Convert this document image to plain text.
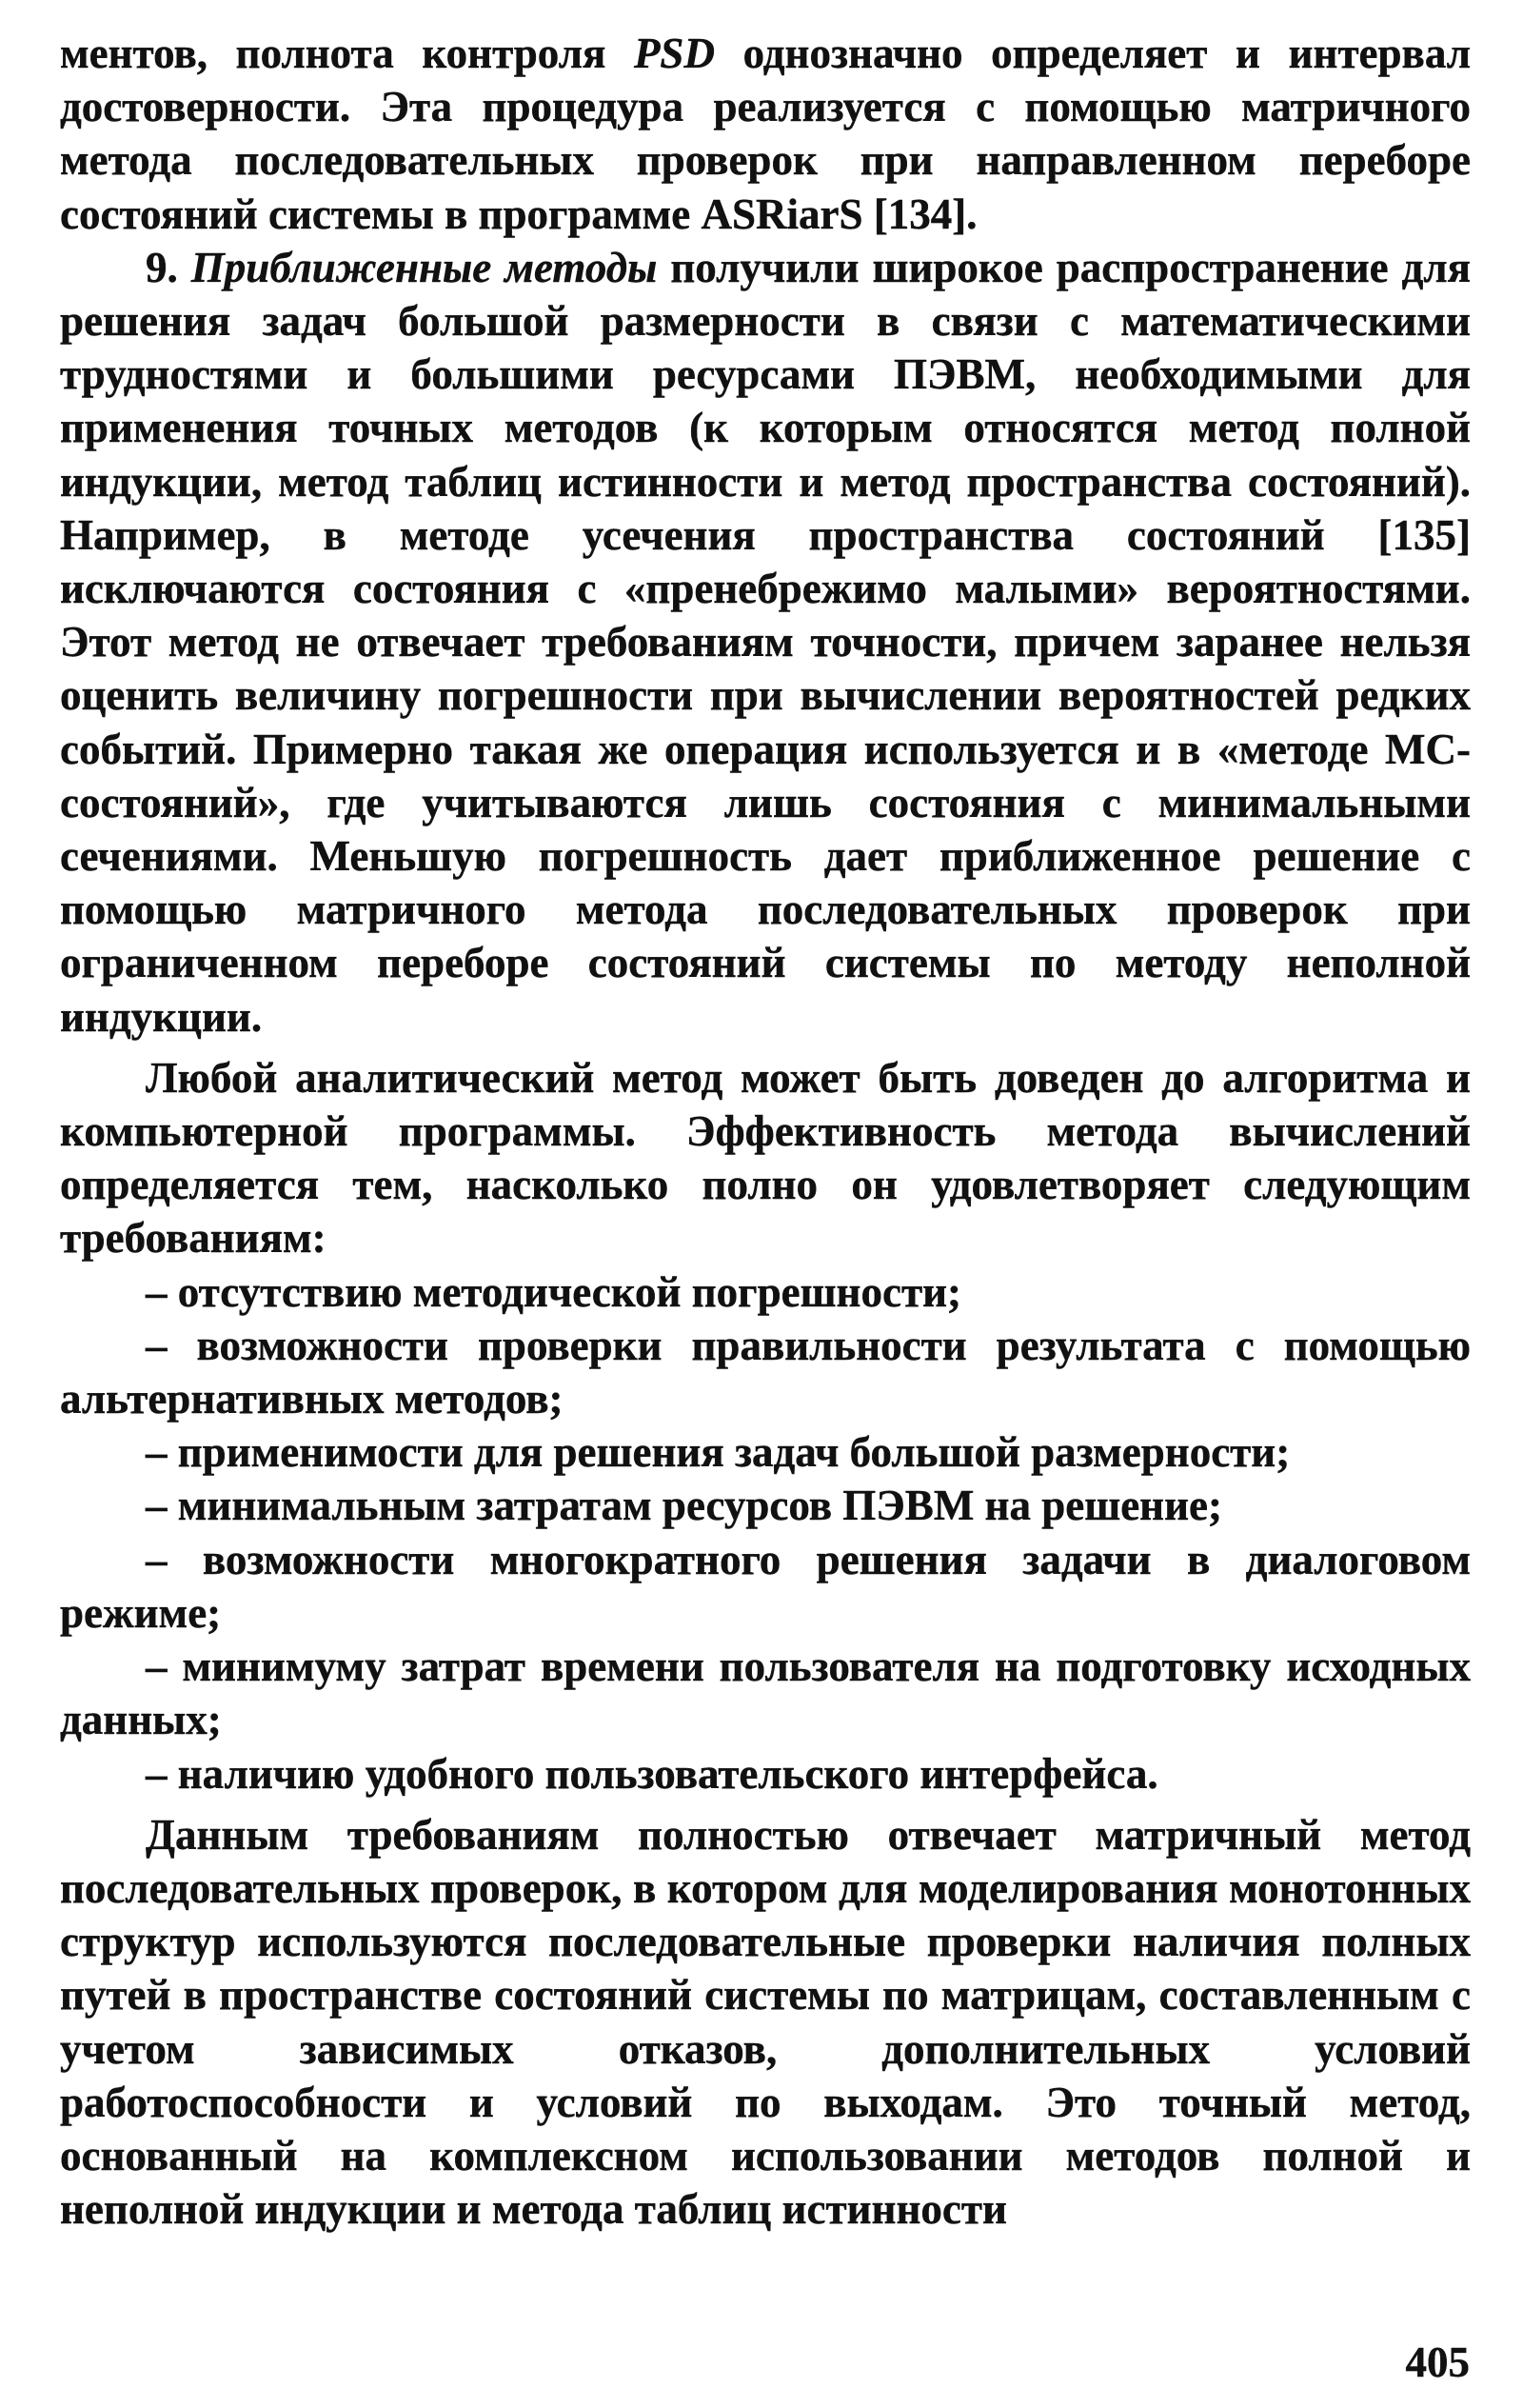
ментов, полнота контроля PSD однозначно определяет и интервал достоверности. Эта процедура реализуется с помощью матричного метода последовательных проверок при направленном переборе состояний системы в программе ASRiarS [134].

9. Приближенные методы получили широкое распространение для решения задач большой размерности в связи с математическими трудностями и большими ресурсами ПЭВМ, необходимыми для применения точных методов (к которым относятся метод полной индукции, метод таблиц истинности и метод пространства состояний). Например, в методе усечения пространства состояний [135] исключаются состояния с «пренебрежимо малыми» вероятностями. Этот метод не отвечает требованиям точности, причем заранее нельзя оценить величину погрешности при вычислении вероятностей редких событий. Примерно такая же операция используется и в «методе МС-состояний», где учитываются лишь состояния с минимальными сечениями. Меньшую погрешность дает приближенное решение с помощью матричного метода последовательных проверок при ограниченном переборе состояний системы по методу неполной индукции.

Любой аналитический метод может быть доведен до алгоритма и компьютерной программы. Эффективность метода вычислений определяется тем, насколько полно он удовлетворяет следующим требованиям:

– отсутствию методической погрешности;

– возможности проверки правильности результата с помощью альтернативных методов;

– применимости для решения задач большой размерности;

– минимальным затратам ресурсов ПЭВМ на решение;

– возможности многократного решения задачи в диалоговом режиме;

– минимуму затрат времени пользователя на подготовку исходных данных;

– наличию удобного пользовательского интерфейса.

Данным требованиям полностью отвечает матричный метод последовательных проверок, в котором для моделирования монотонных структур используются последовательные проверки наличия полных путей в пространстве состояний системы по матрицам, составленным с учетом зависимых отказов, дополнительных условий работоспособности и условий по выходам. Это точный метод, основанный на комплексном использовании методов полной и неполной индукции и метода таблиц истинности

405
